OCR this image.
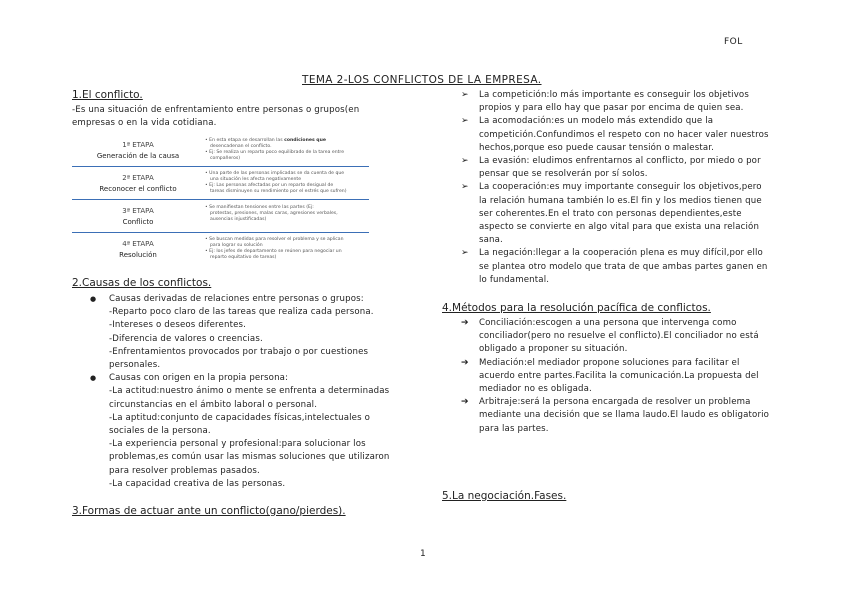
FOL
TEMA 2-LOS CONFLICTOS DE LA EMPRESA.
1.El conflicto.
-Es una situación de enfrentamiento entre personas o grupos(en
empresas o en la vida cotidiana.
1ª ETAPA
Generación de la causa
• En esta etapa se desarrollan las condiciones que
desencadenan el conflicto.
• Ej: Se realiza un reparto poco equilibrado de la tarea entre
compañeros)
2ª ETAPA
Reconocer el conflicto
• Una parte de las personas implicadas se da cuenta de que
una situación les afecta negativamente
• Ej: Las personas afectadas por un reparto desigual de
tareas disminuyen su rendimiento por el estrés que sufren)
3ª ETAPA
Conflicto
• Se manifiestan tensiones entre las partes (Ej:
protestas, presiones, malas caras, agresiones verbales,
ausencias injustificadas)
4ª ETAPA
Resolución
• Se buscan medidas para resolver el problema y se aplican
para lograr su solución
• Ej: los jefes de departamento se reúnen para negociar un
reparto equitativo de tareas)
2.Causas de los conflictos.
● Causas derivadas de relaciones entre personas o grupos:
-Reparto poco claro de las tareas que realiza cada persona.
-Intereses o deseos diferentes.
-Diferencia de valores o creencias.
-Enfrentamientos provocados por trabajo o por cuestiones
personales.
● Causas con origen en la propia persona:
-La actitud:nuestro ánimo o mente se enfrenta a determinadas
circunstancias en el ámbito laboral o personal.
-La aptitud:conjunto de capacidades físicas,intelectuales o
sociales de la persona.
-La experiencia personal y profesional:para solucionar los
problemas,es común usar las mismas soluciones que utilizaron
para resolver problemas pasados.
-La capacidad creativa de las personas.
3.Formas de actuar ante un conflicto(gano/pierdes).
➢ La competición:lo más importante es conseguir los objetivos
propios y para ello hay que pasar por encima de quien sea.
➢ La acomodación:es un modelo más extendido que la
competición.Confundimos el respeto con no hacer valer nuestros
hechos,porque eso puede causar tensión o malestar.
➢ La evasión: eludimos enfrentarnos al conflicto, por miedo o por
pensar que se resolverán por sí solos.
➢ La cooperación:es muy importante conseguir los objetivos,pero
la relación humana también lo es.El fin y los medios tienen que
ser coherentes.En el trato con personas dependientes,este
aspecto se convierte en algo vital para que exista una relación
sana.
➢ La negación:llegar a la cooperación plena es muy difícil,por ello
se plantea otro modelo que trata de que ambas partes ganen en
lo fundamental.
4.Métodos para la resolución pacífica de conflictos.
➔ Conciliación:escogen a una persona que intervenga como
conciliador(pero no resuelve el conflicto).El conciliador no está
obligado a proponer su situación.
➔ Mediación:el mediador propone soluciones para facilitar el
acuerdo entre partes.Facilita la comunicación.La propuesta del
mediador no es obligada.
➔ Arbitraje:será la persona encargada de resolver un problema
mediante una decisión que se llama laudo.El laudo es obligatorio
para las partes.
5.La negociación.Fases.
1
